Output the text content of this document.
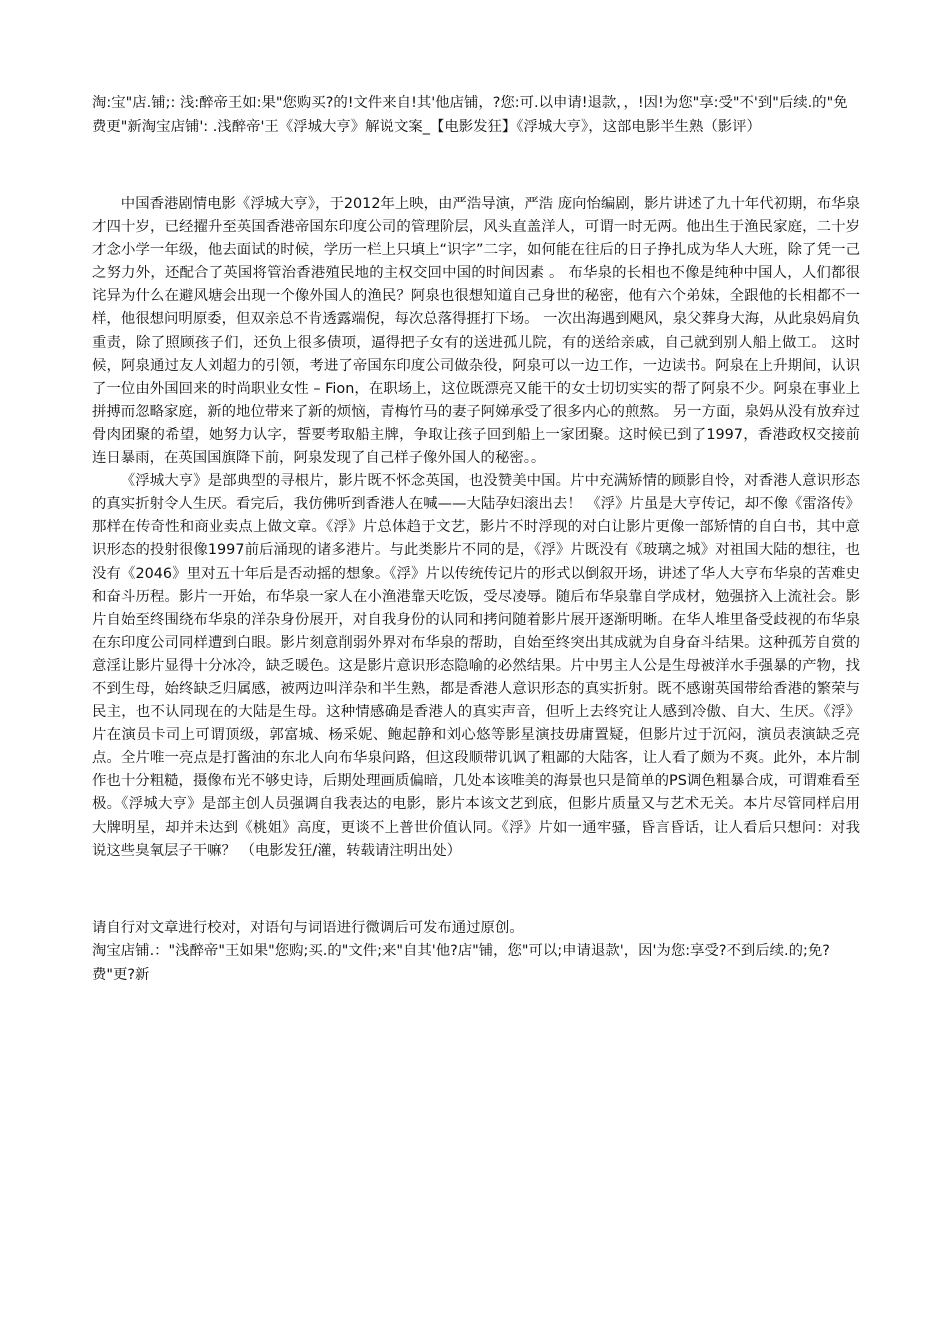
淘:宝"店.铺;: 浅:醉帝王如:果"您购买?的!文件来自!其'他店铺，?您:可.以申请!退款，，!因!为您"享:受"不'到"后续.的"免费更"新淘宝店铺': .浅醉帝'王《浮城大亨》解说文案_【电影发狂】《浮城大亨》，这部电影半生熟（影评）

中国香港剧情电影《浮城大亨》，于2012年上映，由严浩导演，严浩 庞向怡编剧，影片讲述了九十年代初期，布华泉才四十岁，已经擢升至英国香港帝国东印度公司的管理阶层，风头直盖洋人，可谓一时无两。他出生于渔民家庭，二十岁才念小学一年级，他去面试的时候，学历一栏上只填上“识字”二字，如何能在往后的日子挣扎成为华人大班，除了凭一己之努力外，还配合了英国将管治香港殖民地的主权交回中国的时间因素 。 布华泉的长相也不像是纯种中国人，人们都很诧异为什么在避风塘会出现一个像外国人的渔民？阿泉也很想知道自己身世的秘密，他有六个弟妹，全跟他的长相都不一样，他很想问明原委，但双亲总不肯透露端倪，每次总落得捱打下场。 一次出海遇到飓风，泉父葬身大海，从此泉妈肩负重责，除了照顾孩子们，还负上很多债项，逼得把子女有的送进孤儿院，有的送给亲戚，自己就到别人船上做工。 这时候，阿泉通过友人刘超力的引领，考进了帝国东印度公司做杂役，阿泉可以一边工作，一边读书。阿泉在上升期间，认识了一位由外国回来的时尚职业女性 – Fion，在职场上，这位既漂亮又能干的女士切切实实的帮了阿泉不少。阿泉在事业上拼搏而忽略家庭，新的地位带来了新的烦恼，青梅竹马的妻子阿娣承受了很多内心的煎熬。 另一方面，泉妈从没有放弃过骨肉团聚的希望，她努力认字，誓要考取船主牌，争取让孩子回到船上一家团聚。这时候已到了1997，香港政权交接前连日暴雨，在英国国旗降下前，阿泉发现了自己样子像外国人的秘密。。

《浮城大亨》是部典型的寻根片，影片既不怀念英国，也没赞美中国。片中充满矫情的顾影自怜，对香港人意识形态的真实折射令人生厌。看完后，我仿佛听到香港人在喊——大陆孕妇滚出去！ 《浮》片虽是大亨传记，却不像《雷洛传》那样在传奇性和商业卖点上做文章。《浮》片总体趋于文艺，影片不时浮现的对白让影片更像一部矫情的自白书，其中意识形态的投射很像1997前后涌现的诸多港片。与此类影片不同的是，《浮》片既没有《玻璃之城》对祖国大陆的想往，也没有《2046》里对五十年后是否动摇的想象。《浮》片以传统传记片的形式以倒叙开场，讲述了华人大亨布华泉的苦难史和奋斗历程。影片一开始，布华泉一家人在小渔港靠天吃饭，受尽凌辱。随后布华泉靠自学成材，勉强挤入上流社会。影片自始至终围绕布华泉的洋杂身份展开，对自我身份的认同和拷问随着影片展开逐渐明晰。在华人堆里备受歧视的布华泉在东印度公司同样遭到白眼。影片刻意削弱外界对布华泉的帮助，自始至终突出其成就为自身奋斗结果。这种孤芳自赏的意淫让影片显得十分冰冷，缺乏暖色。这是影片意识形态隐喻的必然结果。片中男主人公是生母被洋水手强暴的产物，找不到生母，始终缺乏归属感，被两边叫洋杂和半生熟，都是香港人意识形态的真实折射。既不感谢英国带给香港的繁荣与民主，也不认同现在的大陆是生母。这种情感确是香港人的真实声音，但听上去终究让人感到冷傲、自大、生厌。《浮》片在演员卡司上可谓顶级，郭富城、杨采妮、鲍起静和刘心悠等影星演技毋庸置疑，但影片过于沉闷，演员表演缺乏亮点。全片唯一亮点是打酱油的东北人向布华泉问路，但这段顺带讥讽了粗鄙的大陆客，让人看了颇为不爽。此外，本片制作也十分粗糙，摄像布光不够史诗，后期处理画质偏暗，几处本该唯美的海景也只是简单的PS调色粗暴合成，可谓难看至极。《浮城大亨》是部主创人员强调自我表达的电影，影片本该文艺到底，但影片质量又与艺术无关。本片尽管同样启用大牌明星，却并未达到《桃姐》高度，更谈不上普世价值认同。《浮》片如一通牢骚，昏言昏话，让人看后只想问：对我说这些臭氧层子干嘛？ （电影发狂/灌，转载请注明出处）

请自行对文章进行校对，对语句与词语进行微调后可发布通过原创。

淘宝店铺.："浅醉帝"王如果"您购;买.的"文件;来"自其'他?店"铺，您"可以;申请退款'，因'为您:享受?不到后续.的;免?费"更?新
